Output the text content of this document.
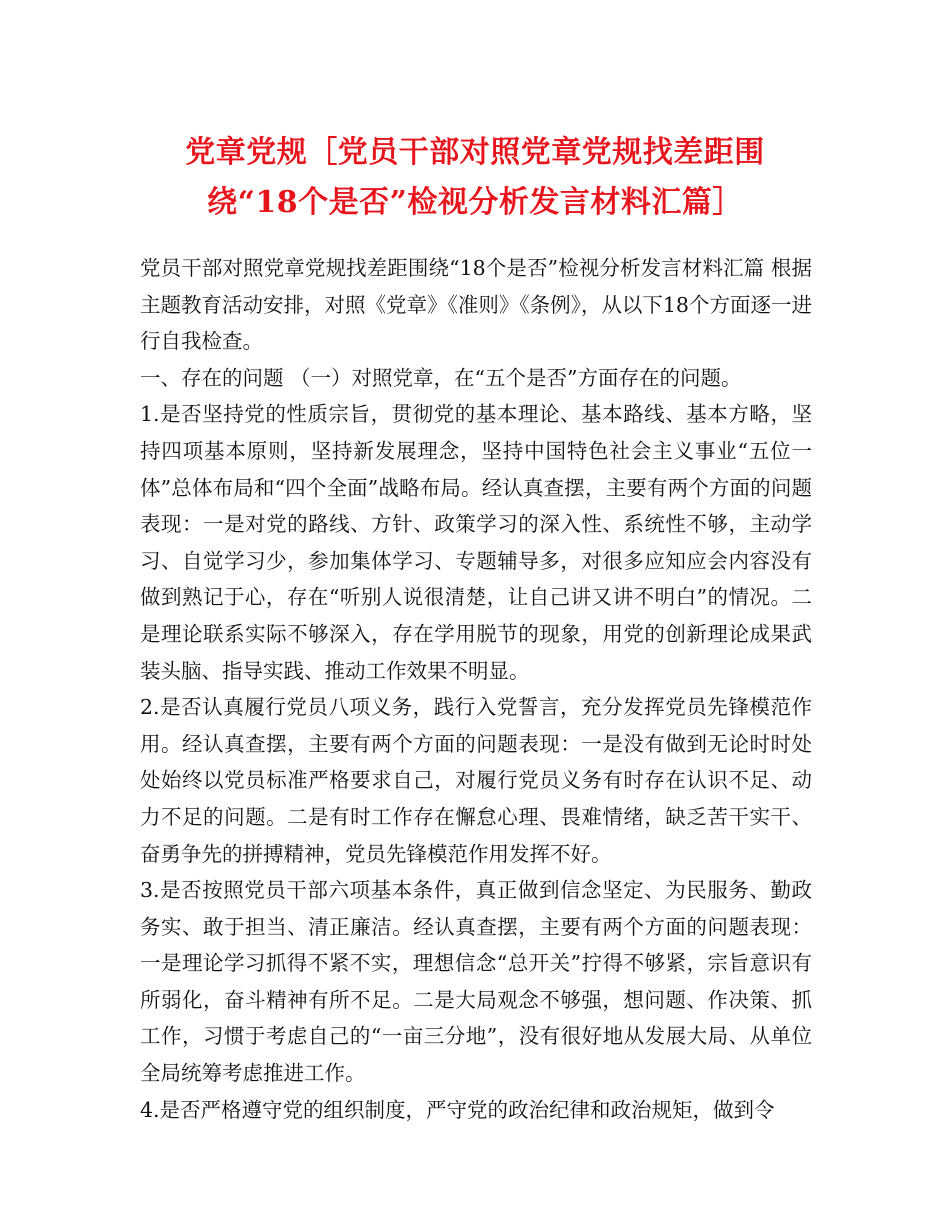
党章党规［党员干部对照党章党规找差距围绕“18个是否”检视分析发言材料汇篇］

党员干部对照党章党规找差距围绕“18个是否”检视分析发言材料汇篇 根据主题教育活动安排，对照《党章》《准则》《条例》，从以下18个方面逐一进行自我检查。

一、存在的问题 （一）对照党章，在“五个是否”方面存在的问题。

1.是否坚持党的性质宗旨，贯彻党的基本理论、基本路线、基本方略，坚持四项基本原则，坚持新发展理念，坚持中国特色社会主义事业“五位一体”总体布局和“四个全面”战略布局。经认真查摆，主要有两个方面的问题表现：一是对党的路线、方针、政策学习的深入性、系统性不够，主动学习、自觉学习少，参加集体学习、专题辅导多，对很多应知应会内容没有做到熟记于心，存在“听别人说很清楚，让自己讲又讲不明白”的情况。二是理论联系实际不够深入，存在学用脱节的现象，用党的创新理论成果武装头脑、指导实践、推动工作效果不明显。

2.是否认真履行党员八项义务，践行入党誓言，充分发挥党员先锋模范作用。经认真查摆，主要有两个方面的问题表现：一是没有做到无论时时处处始终以党员标准严格要求自己，对履行党员义务有时存在认识不足、动力不足的问题。二是有时工作存在懈怠心理、畏难情绪，缺乏苦干实干、奋勇争先的拼搏精神，党员先锋模范作用发挥不好。

3.是否按照党员干部六项基本条件，真正做到信念坚定、为民服务、勤政务实、敢于担当、清正廉洁。经认真查摆，主要有两个方面的问题表现：一是理论学习抓得不紧不实，理想信念“总开关”拧得不够紧，宗旨意识有所弱化，奋斗精神有所不足。二是大局观念不够强，想问题、作决策、抓工作，习惯于考虑自己的“一亩三分地”，没有很好地从发展大局、从单位全局统筹考虑推进工作。

4.是否严格遵守党的组织制度，严守党的政治纪律和政治规矩，做到令
